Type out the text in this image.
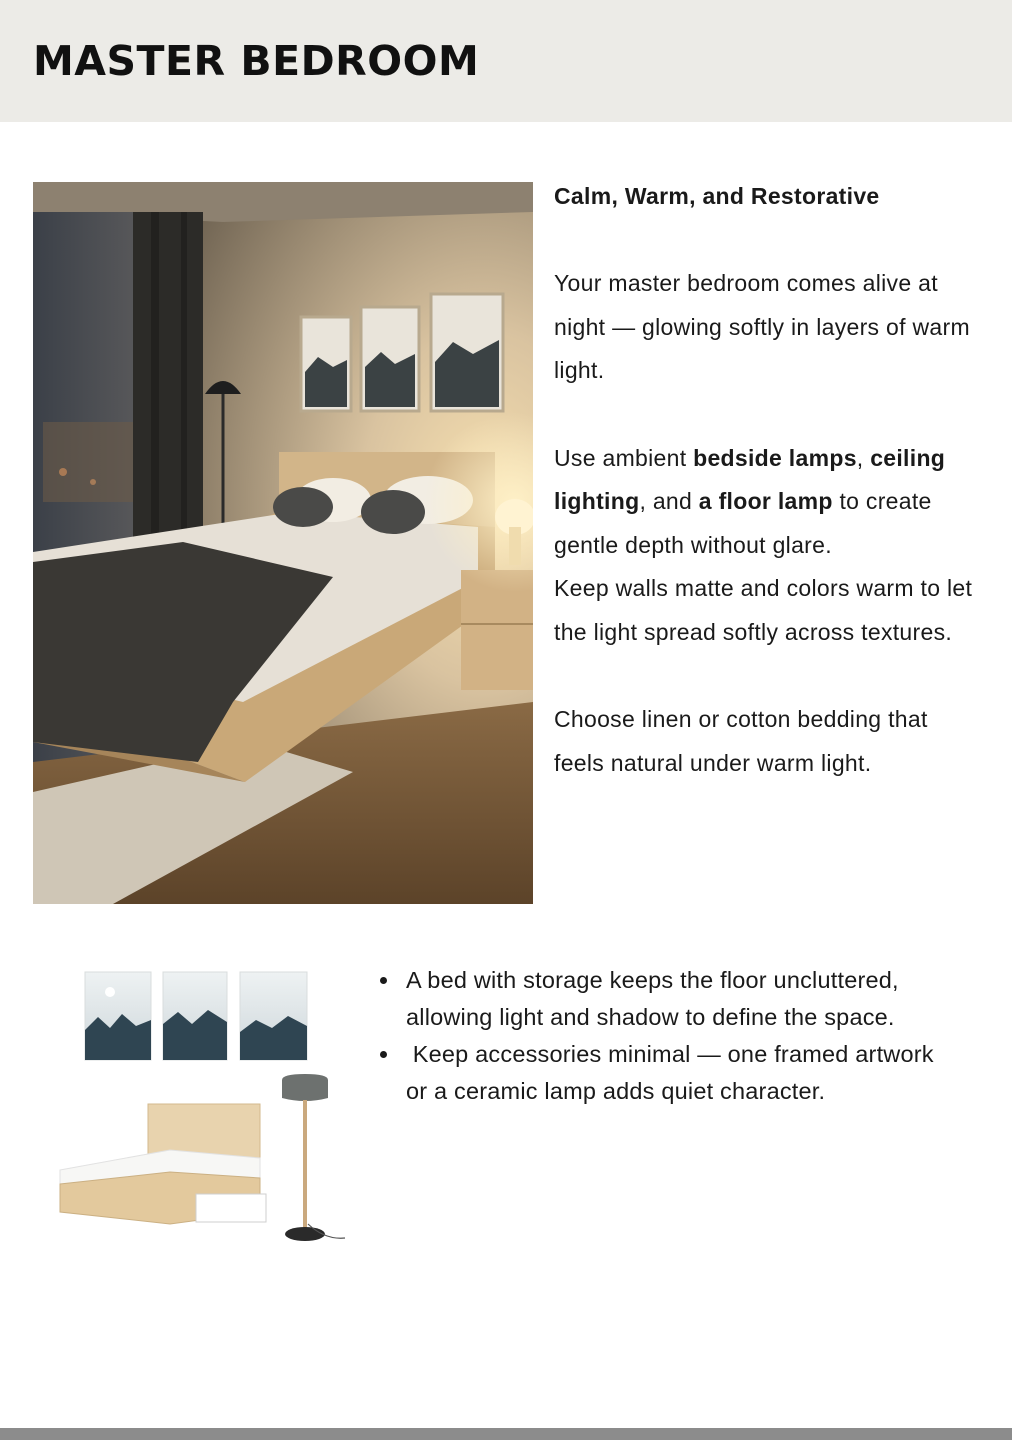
MASTER BEDROOM

Calm, Warm, and Restorative

Your master bedroom comes alive at night — glowing softly in layers of warm light.

Use ambient bedside lamps, ceiling lighting, and a floor lamp to create gentle depth without glare.

Keep walls matte and colors warm to let the light spread softly across textures.

Choose linen or cotton bedding that feels natural under warm light.

A bed with storage keeps the floor uncluttered, allowing light and shadow to define the space.
Keep accessories minimal — one framed artwork or a ceramic lamp adds quiet character.
